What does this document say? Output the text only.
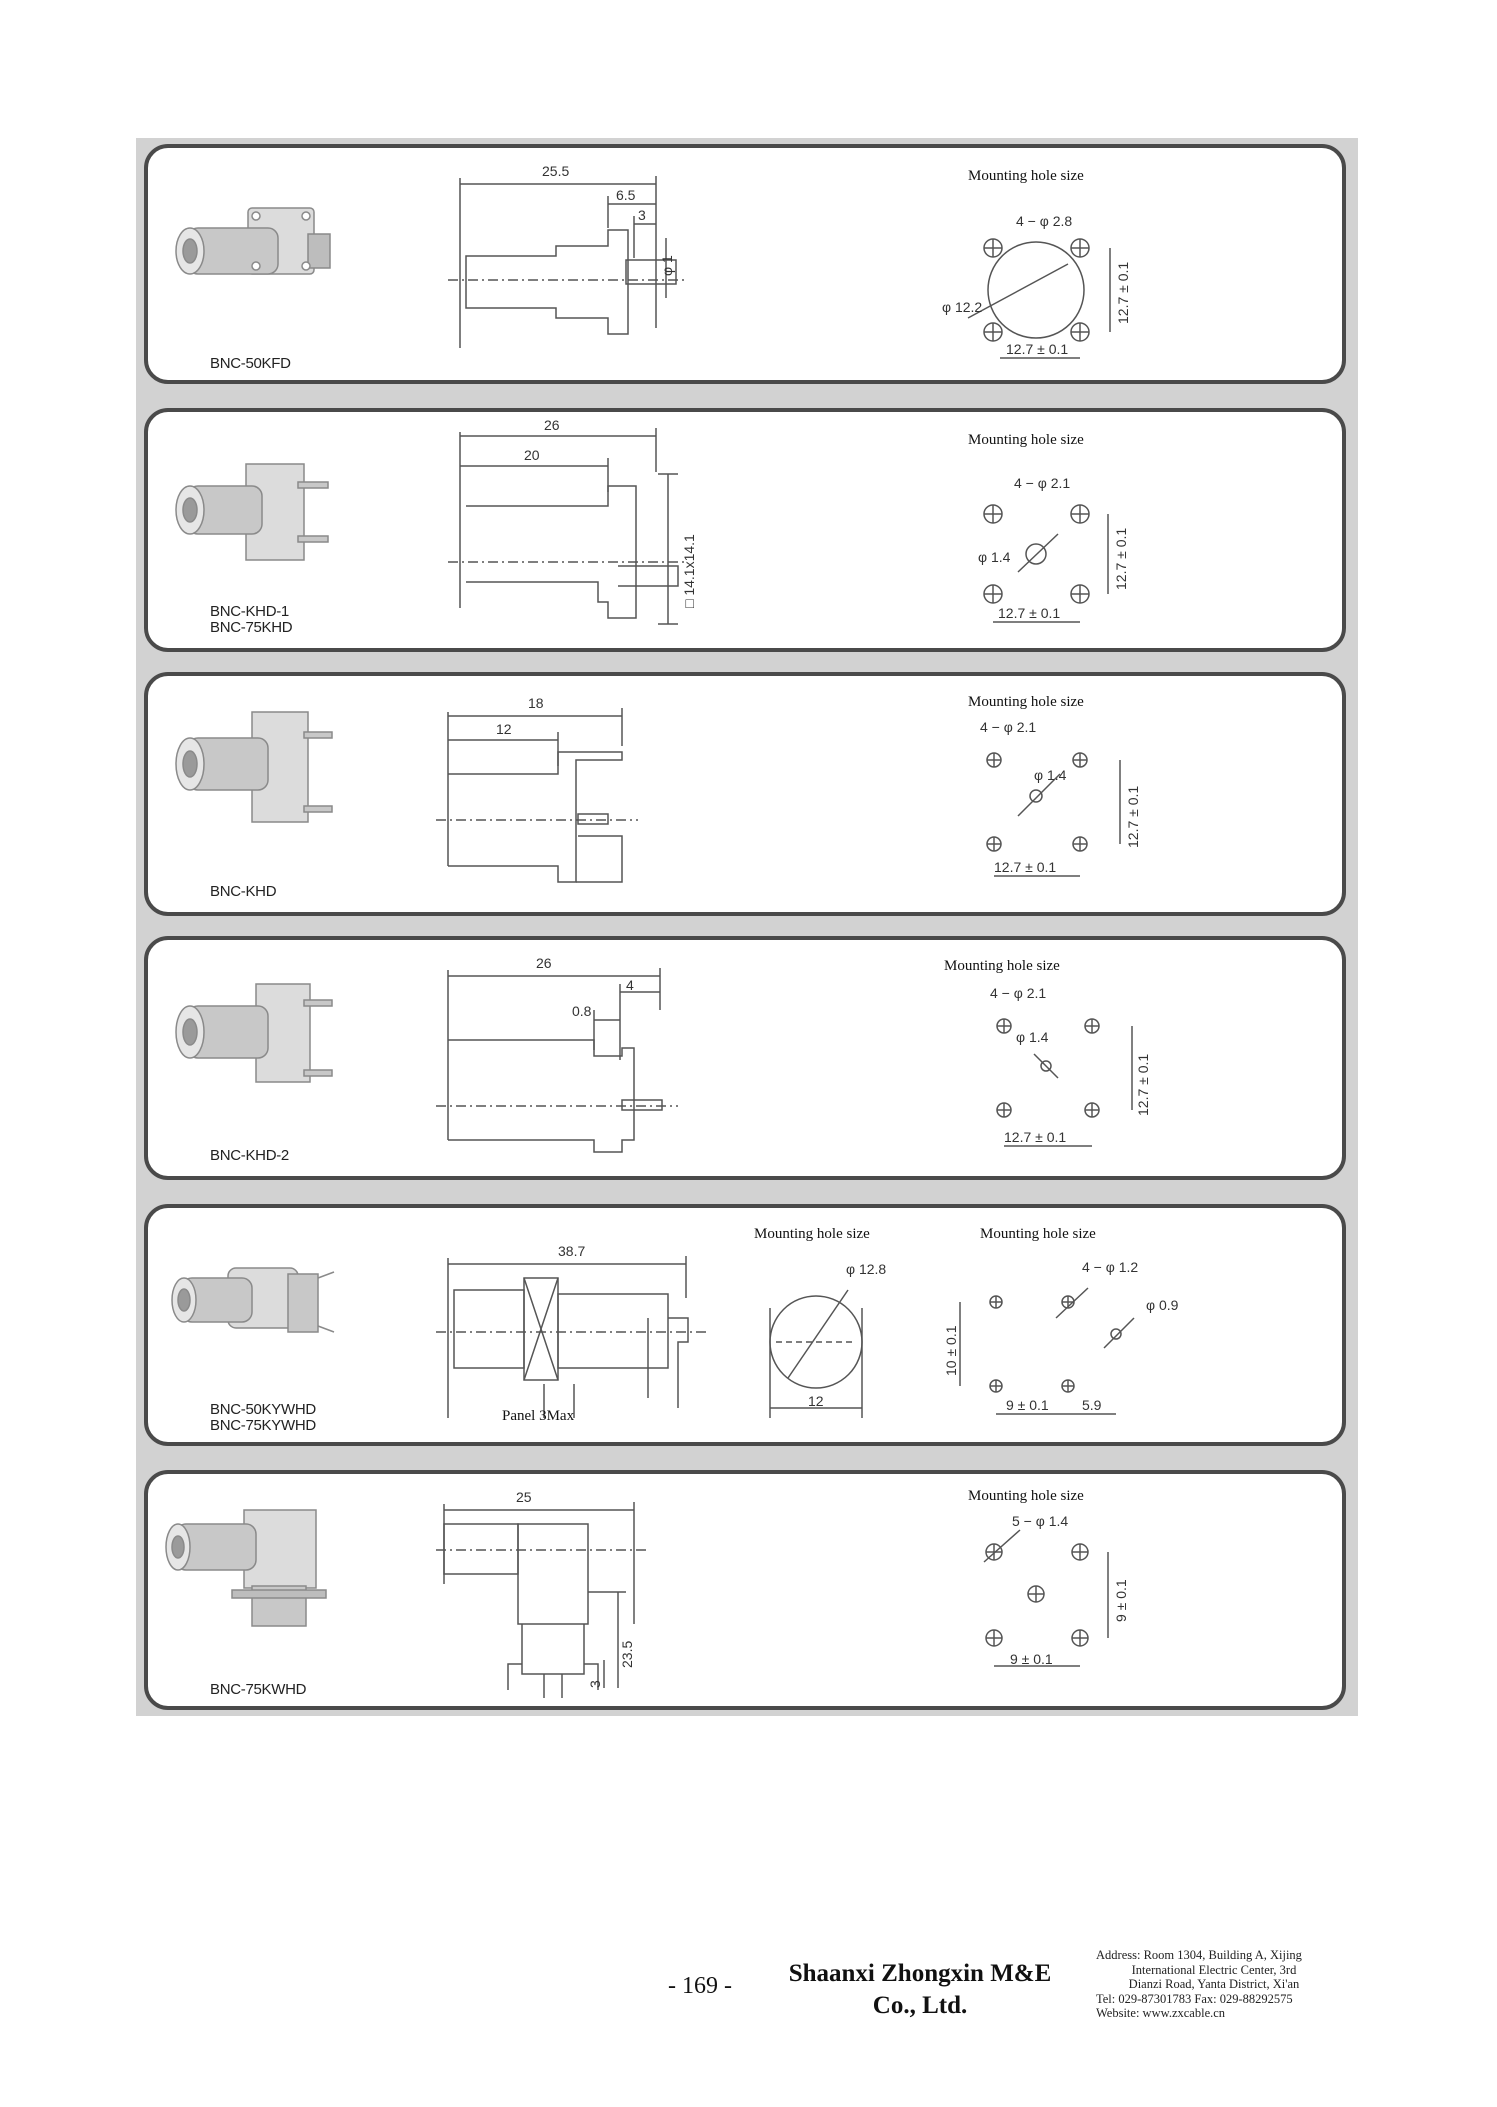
25.5
6.5
3
φ 1
4 − φ 2.8
φ 12.2
12.7 ± 0.1
12.7 ± 0.1
Mounting hole size
BNC-50KFD
26
20
□ 14.1x14.1
4 − φ 2.1
φ 1.4
12.7 ± 0.1
12.7 ± 0.1
Mounting hole size
BNC-KHD-1
BNC-75KHD
18
12	4 − φ 2.1
φ 1.4
12.7 ± 0.1
12.7 ± 0.1
Mounting hole size
BNC-KHD
26
4
0.8
4 − φ 2.1
φ 1.4
12.7 ± 0.1
12.7 ± 0.1
Mounting hole size
BNC-KHD-2
38.7
φ 12.8
12
4 − φ 1.2
φ 0.9
10 ± 0.1
9 ± 0.1 5.9
Mounting hole size	Mounting hole size
Panel 3Max
BNC-50KYWHD
BNC-75KYWHD
25
23.5
3
5 − φ 1.4
9 ± 0.1
9 ± 0.1
Mounting hole size
BNC-75KWHD
- 169 -	Shaanxi Zhongxin M&E
Co., Ltd.
Address: Room 1304, Building A, Xijing
International Electric Center, 3rd
Dianzi Road, Yanta District, Xi'an
Tel: 029-87301783 Fax: 029-88292575
Website: www.zxcable.cn
